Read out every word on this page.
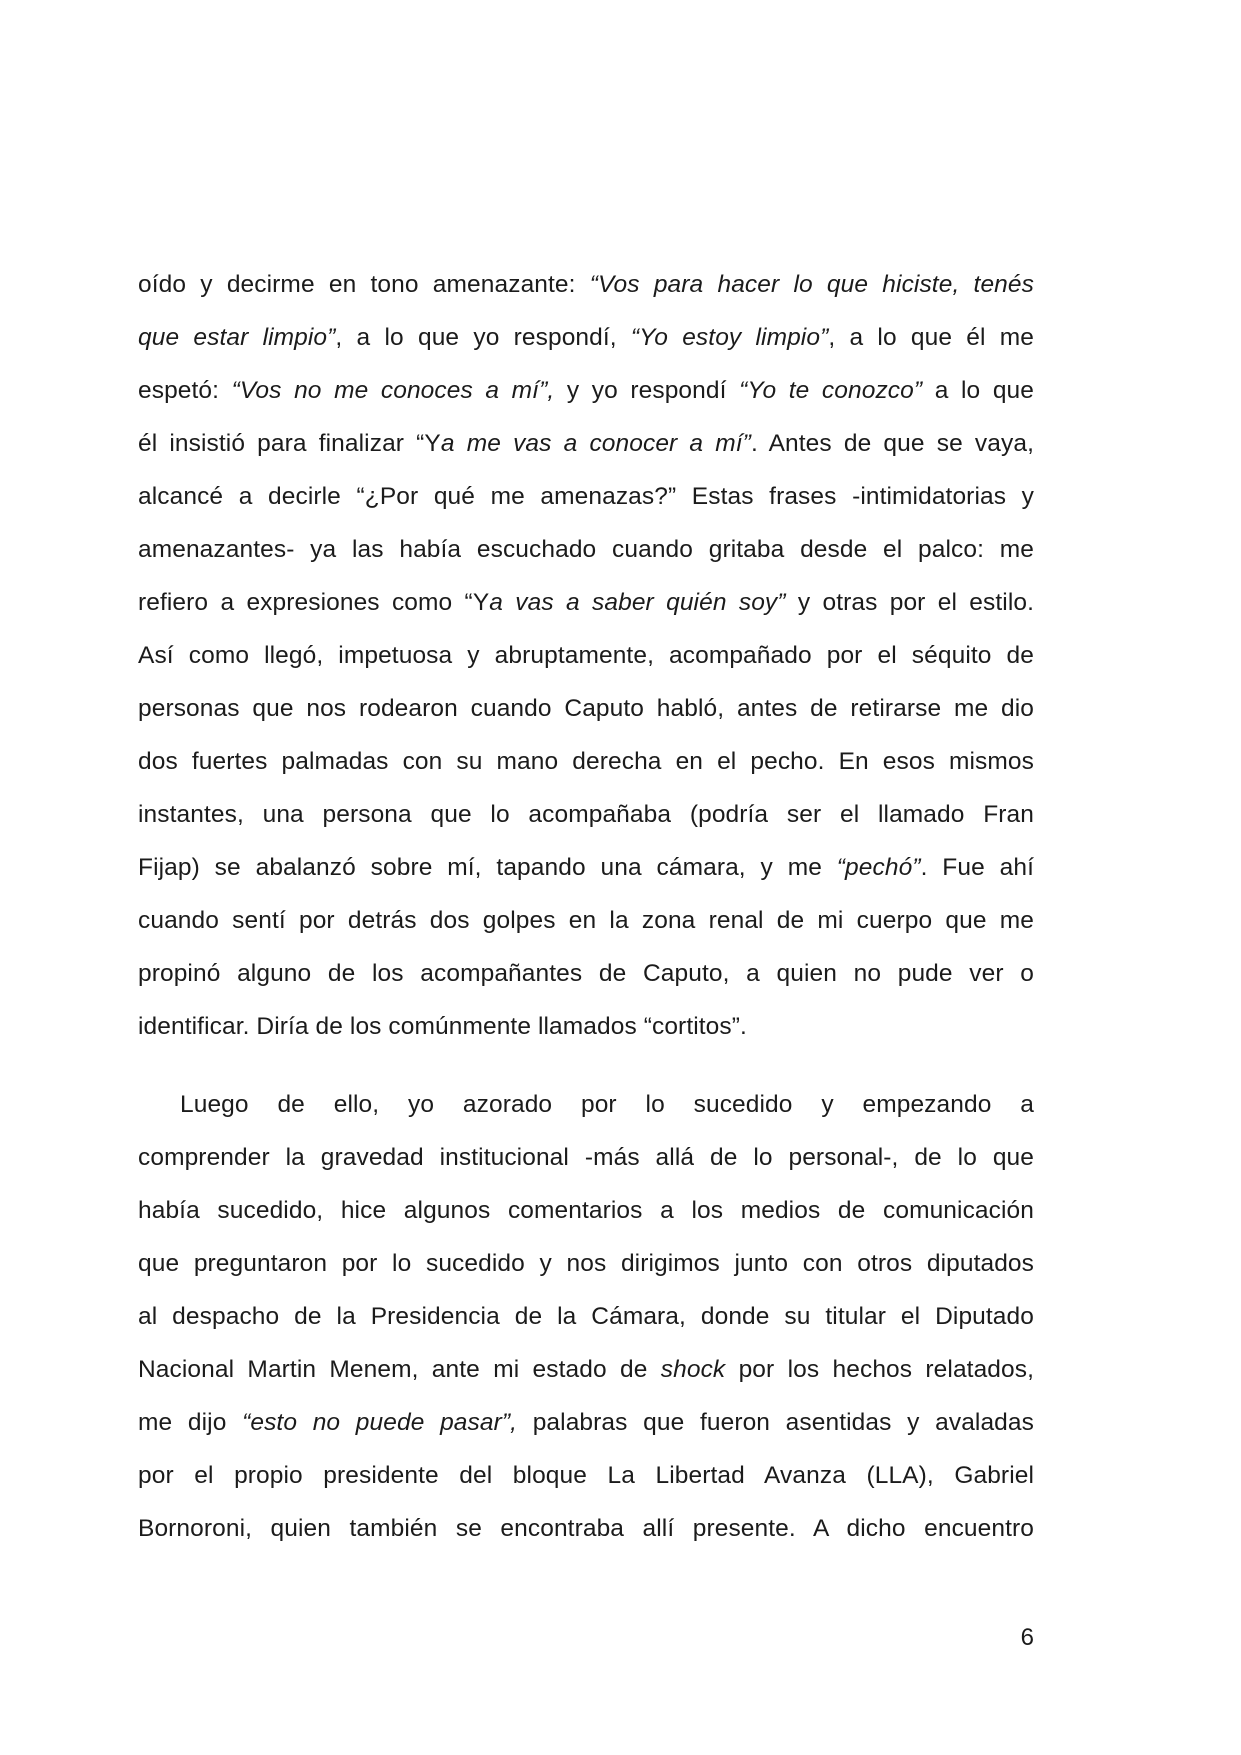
oído y decirme en tono amenazante: “Vos para hacer lo que hiciste, tenés
que estar limpio”, a lo que yo respondí, “Yo estoy limpio”, a lo que él me
espetó: “Vos no me conoces a mí”, y yo respondí “Yo te conozco” a lo que
él insistió para finalizar “Ya me vas a conocer a mí”. Antes de que se vaya,
alcancé a decirle “¿Por qué me amenazas?” Estas frases -intimidatorias y
amenazantes- ya las había escuchado cuando gritaba desde el palco: me
refiero a expresiones como “Ya vas a saber quién soy” y otras por el estilo.
Así como llegó, impetuosa y abruptamente, acompañado por el séquito de
personas que nos rodearon cuando Caputo habló, antes de retirarse me dio
dos fuertes palmadas con su mano derecha en el pecho. En esos mismos
instantes, una persona que lo acompañaba (podría ser el llamado Fran
Fijap) se abalanzó sobre mí, tapando una cámara, y me “pechó”. Fue ahí
cuando sentí por detrás dos golpes en la zona renal de mi cuerpo que me
propinó alguno de los acompañantes de Caputo, a quien no pude ver o
identificar. Diría de los comúnmente llamados “cortitos”.
Luego de ello, yo azorado por lo sucedido y empezando a
comprender la gravedad institucional -más allá de lo personal-, de lo que
había sucedido, hice algunos comentarios a los medios de comunicación
que preguntaron por lo sucedido y nos dirigimos junto con otros diputados
al despacho de la Presidencia de la Cámara, donde su titular el Diputado
Nacional Martin Menem, ante mi estado de shock por los hechos relatados,
me dijo “esto no puede pasar”, palabras que fueron asentidas y avaladas
por el propio presidente del bloque La Libertad Avanza (LLA), Gabriel
Bornoroni, quien también se encontraba allí presente. A dicho encuentro
6
